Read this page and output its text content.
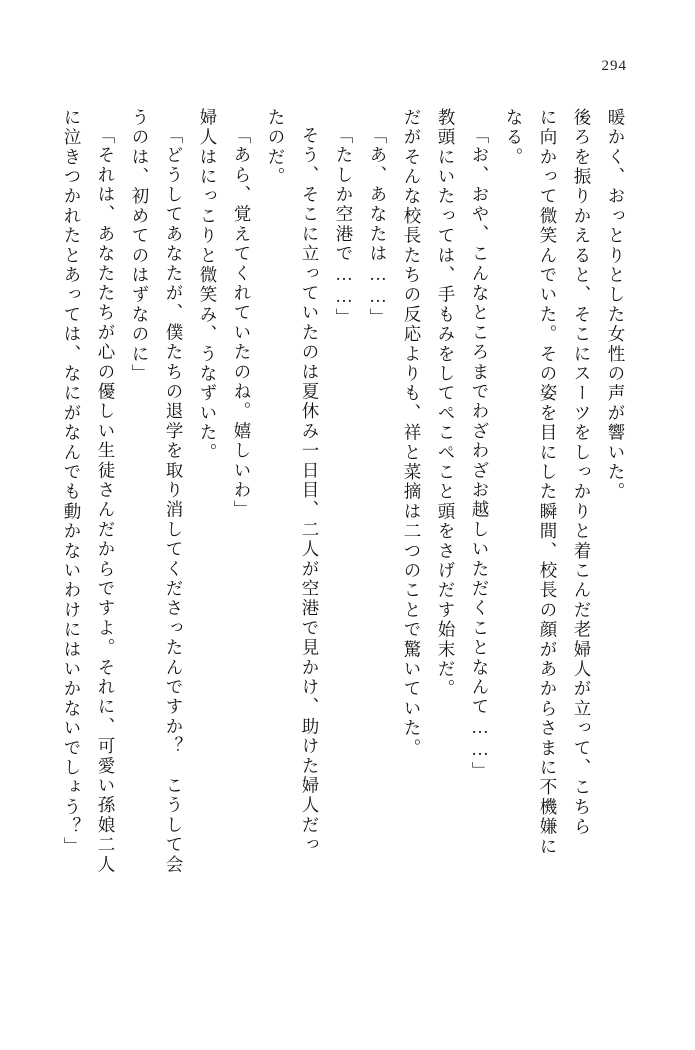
294
暖かく、おっとりとした女性の声が響いた。
後ろを振りかえると、そこにスーツをしっかりと着こんだ老婦人が立って、こちら
に向かって微笑んでいた。その姿を目にした瞬間、校長の顔があからさまに不機嫌に
なる。
「お、おや、こんなところまでわざわざお越しいただくことなんて……」
教頭にいたっては、手もみをしてぺこぺこと頭をさげだす始末だ。
だがそんな校長たちの反応よりも、祥と菜摘は二つのことで驚いていた。
「あ、あなたは……」
「たしか空港で……」
そう、そこに立っていたのは夏休み一日目、二人が空港で見かけ、助けた婦人だっ
たのだ。
「あら、覚えてくれていたのね。嬉しいわ」
婦人はにっこりと微笑み、うなずいた。
「どうしてあなたが、僕たちの退学を取り消してくださったんですか？　こうして会
うのは、初めてのはずなのに」
「それは、あなたたちが心の優しい生徒さんだからですよ。それに、可愛い孫娘二人
に泣きつかれたとあっては、なにがなんでも動かないわけにはいかないでしょう？」
